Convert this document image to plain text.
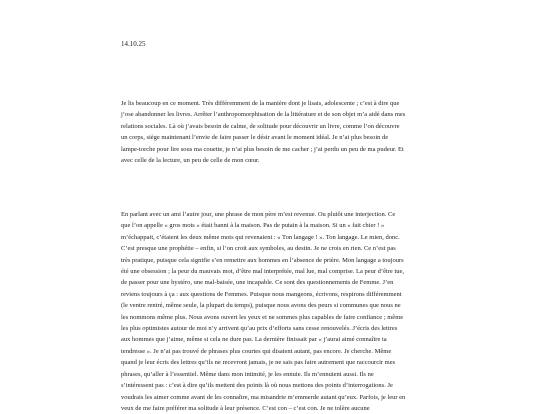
14.10.25
Je lis beaucoup en ce moment. Très différemment de la manière dont je lisais, adolescente ; c’est à dire que
j’ose abandonner les livres. Arrêter l’anthropomorphisation de la littérature et de son objet m’a aidé dans mes
relations sociales. Là où j’avais besoin de calme, de solitude pour découvrir un livre, comme l’on découvre
un corps, siège maintenant l’envie de faire passer le désir avant le moment idéal. Je n’ai plus besoin de
lampe-torche pour lire sous ma couette, je n’ai plus besoin de me cacher ; j’ai perdu un peu de ma pudeur. Et
avec celle de la lecture, un peu de celle de mon cœur.
En parlant avec un ami l’autre jour, une phrase de mon père m’est revenue. Ou plutôt une interjection. Ce
que l’on appelle « gros mots » était banni à la maison. Pas de putain à la maison. Si un « fait chier ! »
m’échappait, c’étaient les deux même mots qui revenaient : « Ton langage ! ». Ton langage. Le mien, donc.
C’est presque une prophétie – enfin, si l’on croit aux symboles, au destin. Je ne crois en rien. Ce n’est pas
très pratique, puisque cela signifie s’en remettre aux hommes en l’absence de prière. Mon langage a toujours
été une obsession ; la peur du mauvais mot, d’être mal interprétée, mal lue, mal comprise. La peur d’être tue,
de passer pour une hystéro, une mal-baisée, une incapable. Ce sont des questionnements de Femme. J’en
reviens toujours à ça : aux questions de Femmes. Puisque nous mangeons, écrivons, respirons différemment
(le ventre rentré, même seule, la plupart du temps), puisque nous avons des peurs si communes que nous ne
les nommons même plus. Nous avons ouvert les yeux et ne sommes plus capables de faire confiance ; même
les plus optimistes autour de moi n’y arrivent qu’au prix d’efforts sans cesse renouvelés. J’écris des lettres
aux hommes que j’aime, même si cela ne dure pas. La dernière finissait par « j’aurai aimé connaître ta
tendresse ». Je n’ai pas trouvé de phrases plus courtes qui disaient autant, pas encore. Je cherche. Même
quand je leur écris des lettres qu’ils ne recevront jamais, je ne sais pas faire autrement que raccourcir mes
phrases, qu’aller à l’essentiel. Même dans mon intimité, je les ennuie. Ils m’ennuient aussi. Ils ne
s’intéressent pas : c’est à dire qu’ils mettent des points là où nous mettons des points d’interrogations. Je
voudrais les aimer comme avant de les connaître, ma misandrie m’emmerde autant qu’eux. Parfois, je leur en
veux de me faire préférer ma solitude à leur présence. C’est con – c’est con. Je ne tolère aucune
